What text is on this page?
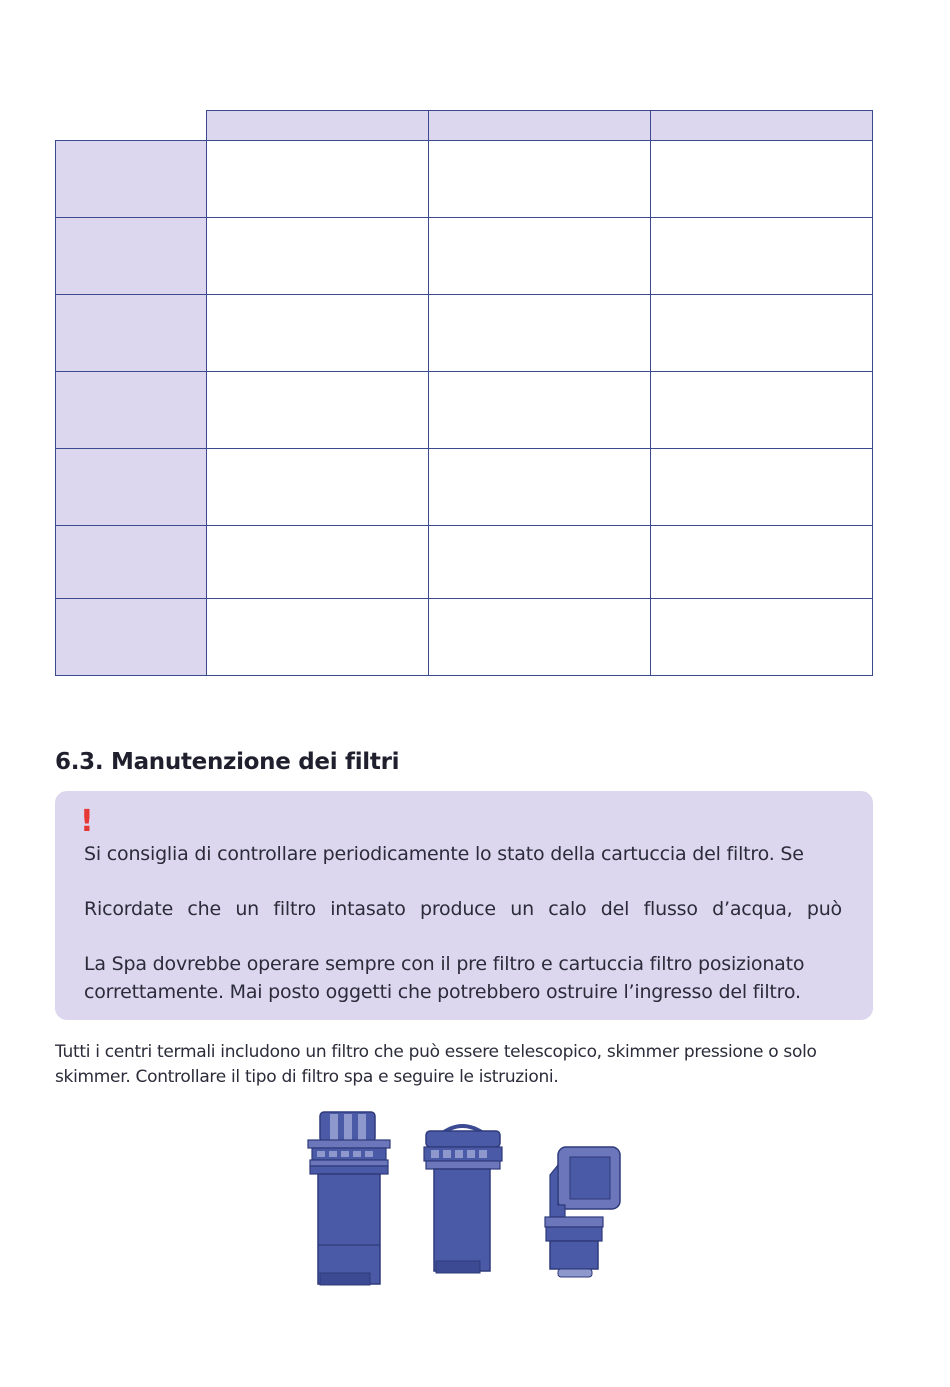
6.3. Manutenzione dei filtri
!

Si consiglia di controllare periodicamente lo stato della cartuccia del filtro. Se

Ricordate che un filtro intasato produce un calo del flusso d’acqua, può

La Spa dovrebbe operare sempre con il pre filtro e cartuccia filtro posizionato correttamente. Mai posto oggetti che potrebbero ostruire l’ingresso del filtro.

Tutti i centri termali includono un filtro che può essere telescopico, skimmer pressione o solo skimmer. Controllare il tipo di filtro spa e seguire le istruzioni.
